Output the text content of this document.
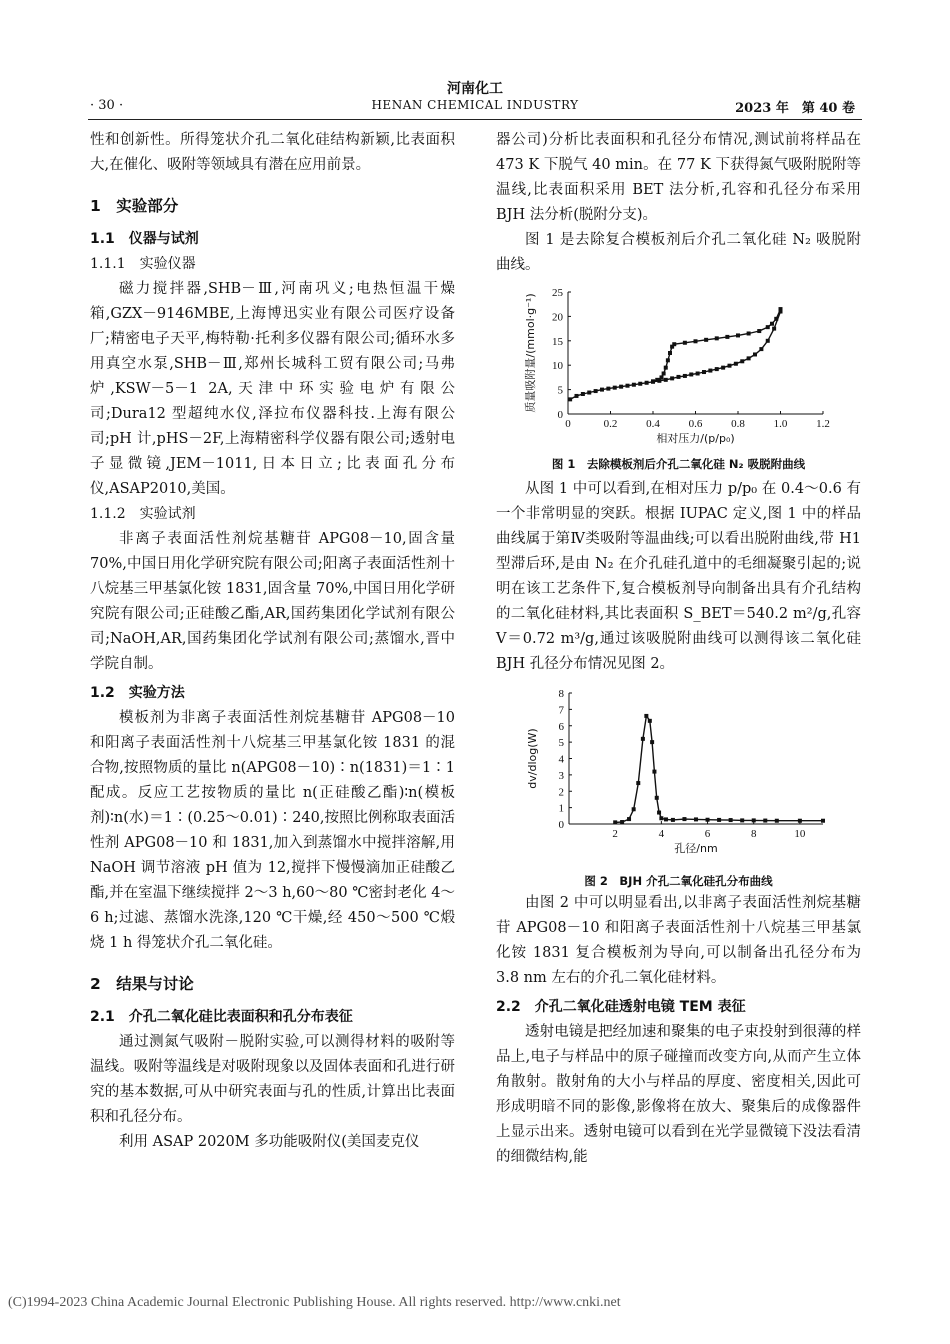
河南化工
· 30 ·	HENAN CHEMICAL INDUSTRY	2023 年　第 40 卷

性和创新性。所得笼状介孔二氧化硅结构新颖,比表面积大,在催化、吸附等领域具有潜在应用前景。

1　实验部分
1.1　仪器与试剂
1.1.1　实验仪器

磁力搅拌器,SHB－Ⅲ,河南巩义;电热恒温干燥箱,GZX－9146MBE,上海博迅实业有限公司医疗设备厂;精密电子天平,梅特勒·托利多仪器有限公司;循环水多用真空水泵,SHB－Ⅲ,郑州长城科工贸有限公司;马弗炉,KSW－5－1 2A,天津中环实验电炉有限公司;Dura12 型超纯水仪,泽拉布仪器科技.上海有限公司;pH 计,pHS－2F,上海精密科学仪器有限公司;透射电子显微镜,JEM－1011,日本日立;比表面孔分布仪,ASAP2010,美国。

1.1.2　实验试剂

非离子表面活性剂烷基糖苷 APG08－10,固含量 70%,中国日用化学研究院有限公司;阳离子表面活性剂十八烷基三甲基氯化铵 1831,固含量 70%,中国日用化学研究院有限公司;正硅酸乙酯,AR,国药集团化学试剂有限公司;NaOH,AR,国药集团化学试剂有限公司;蒸馏水,晋中学院自制。

1.2　实验方法

模板剂为非离子表面活性剂烷基糖苷 APG08－10 和阳离子表面活性剂十八烷基三甲基氯化铵 1831 的混合物,按照物质的量比 n(APG08－10)∶n(1831)＝1∶1 配成。反应工艺按物质的量比 n(正硅酸乙酯)∶n(模板剂)∶n(水)＝1∶(0.25～0.01)∶240,按照比例称取表面活性剂 APG08－10 和 1831,加入到蒸馏水中搅拌溶解,用 NaOH 调节溶液 pH 值为 12,搅拌下慢慢滴加正硅酸乙酯,并在室温下继续搅拌 2～3 h,60～80 ℃密封老化 4～6 h;过滤、蒸馏水洗涤,120 ℃干燥,经 450～500 ℃煅烧 1 h 得笼状介孔二氧化硅。

2　结果与讨论
2.1　介孔二氧化硅比表面积和孔分布表征

通过测氮气吸附－脱附实验,可以测得材料的吸附等温线。吸附等温线是对吸附现象以及固体表面和孔进行研究的基本数据,可从中研究表面与孔的性质,计算出比表面积和孔径分布。

利用 ASAP 2020M 多功能吸附仪(美国麦克仪

器公司)分析比表面积和孔径分布情况,测试前将样品在 473 K 下脱气 40 min。在 77 K 下获得氮气吸附脱附等温线,比表面积采用 BET 法分析,孔容和孔径分布采用 BJH 法分析(脱附分支)。

图 1 是去除复合模板剂后介孔二氧化硅 N₂ 吸脱附曲线。

0	0.2	0.4	0.6	0.8	1.0	1.2
0
5
10
15
20
25
相对压力/(p/p₀)
质量吸附量/(mmol·g⁻¹)
图 1　去除模板剂后介孔二氧化硅 N₂ 吸脱附曲线

从图 1 中可以看到,在相对压力 p/p₀ 在 0.4～0.6 有一个非常明显的突跃。根据 IUPAC 定义,图 1 中的样品曲线属于第Ⅳ类吸附等温曲线;可以看出脱附曲线,带 H1 型滞后环,是由 N₂ 在介孔硅孔道中的毛细凝聚引起的;说明在该工艺条件下,复合模板剂导向制备出具有介孔结构的二氧化硅材料,其比表面积 S_BET＝540.2 m²/g,孔容 V＝0.72 m³/g,通过该吸脱附曲线可以测得该二氧化硅 BJH 孔径分布情况见图 2。

2	4	6	8	10
0
1
2
3
4
5
6
7
8
孔径/nm
dv/dlog(W)
图 2　BJH 介孔二氧化硅孔分布曲线

由图 2 中可以明显看出,以非离子表面活性剂烷基糖苷 APG08－10 和阳离子表面活性剂十八烷基三甲基氯化铵 1831 复合模板剂为导向,可以制备出孔径分布为 3.8 nm 左右的介孔二氧化硅材料。

2.2　介孔二氧化硅透射电镜 TEM 表征

透射电镜是把经加速和聚集的电子束投射到很薄的样品上,电子与样品中的原子碰撞而改变方向,从而产生立体角散射。散射角的大小与样品的厚度、密度相关,因此可形成明暗不同的影像,影像将在放大、聚集后的成像器件上显示出来。透射电镜可以看到在光学显微镜下没法看清的细微结构,能

(C)1994-2023 China Academic Journal Electronic Publishing House. All rights reserved. http://www.cnki.net
